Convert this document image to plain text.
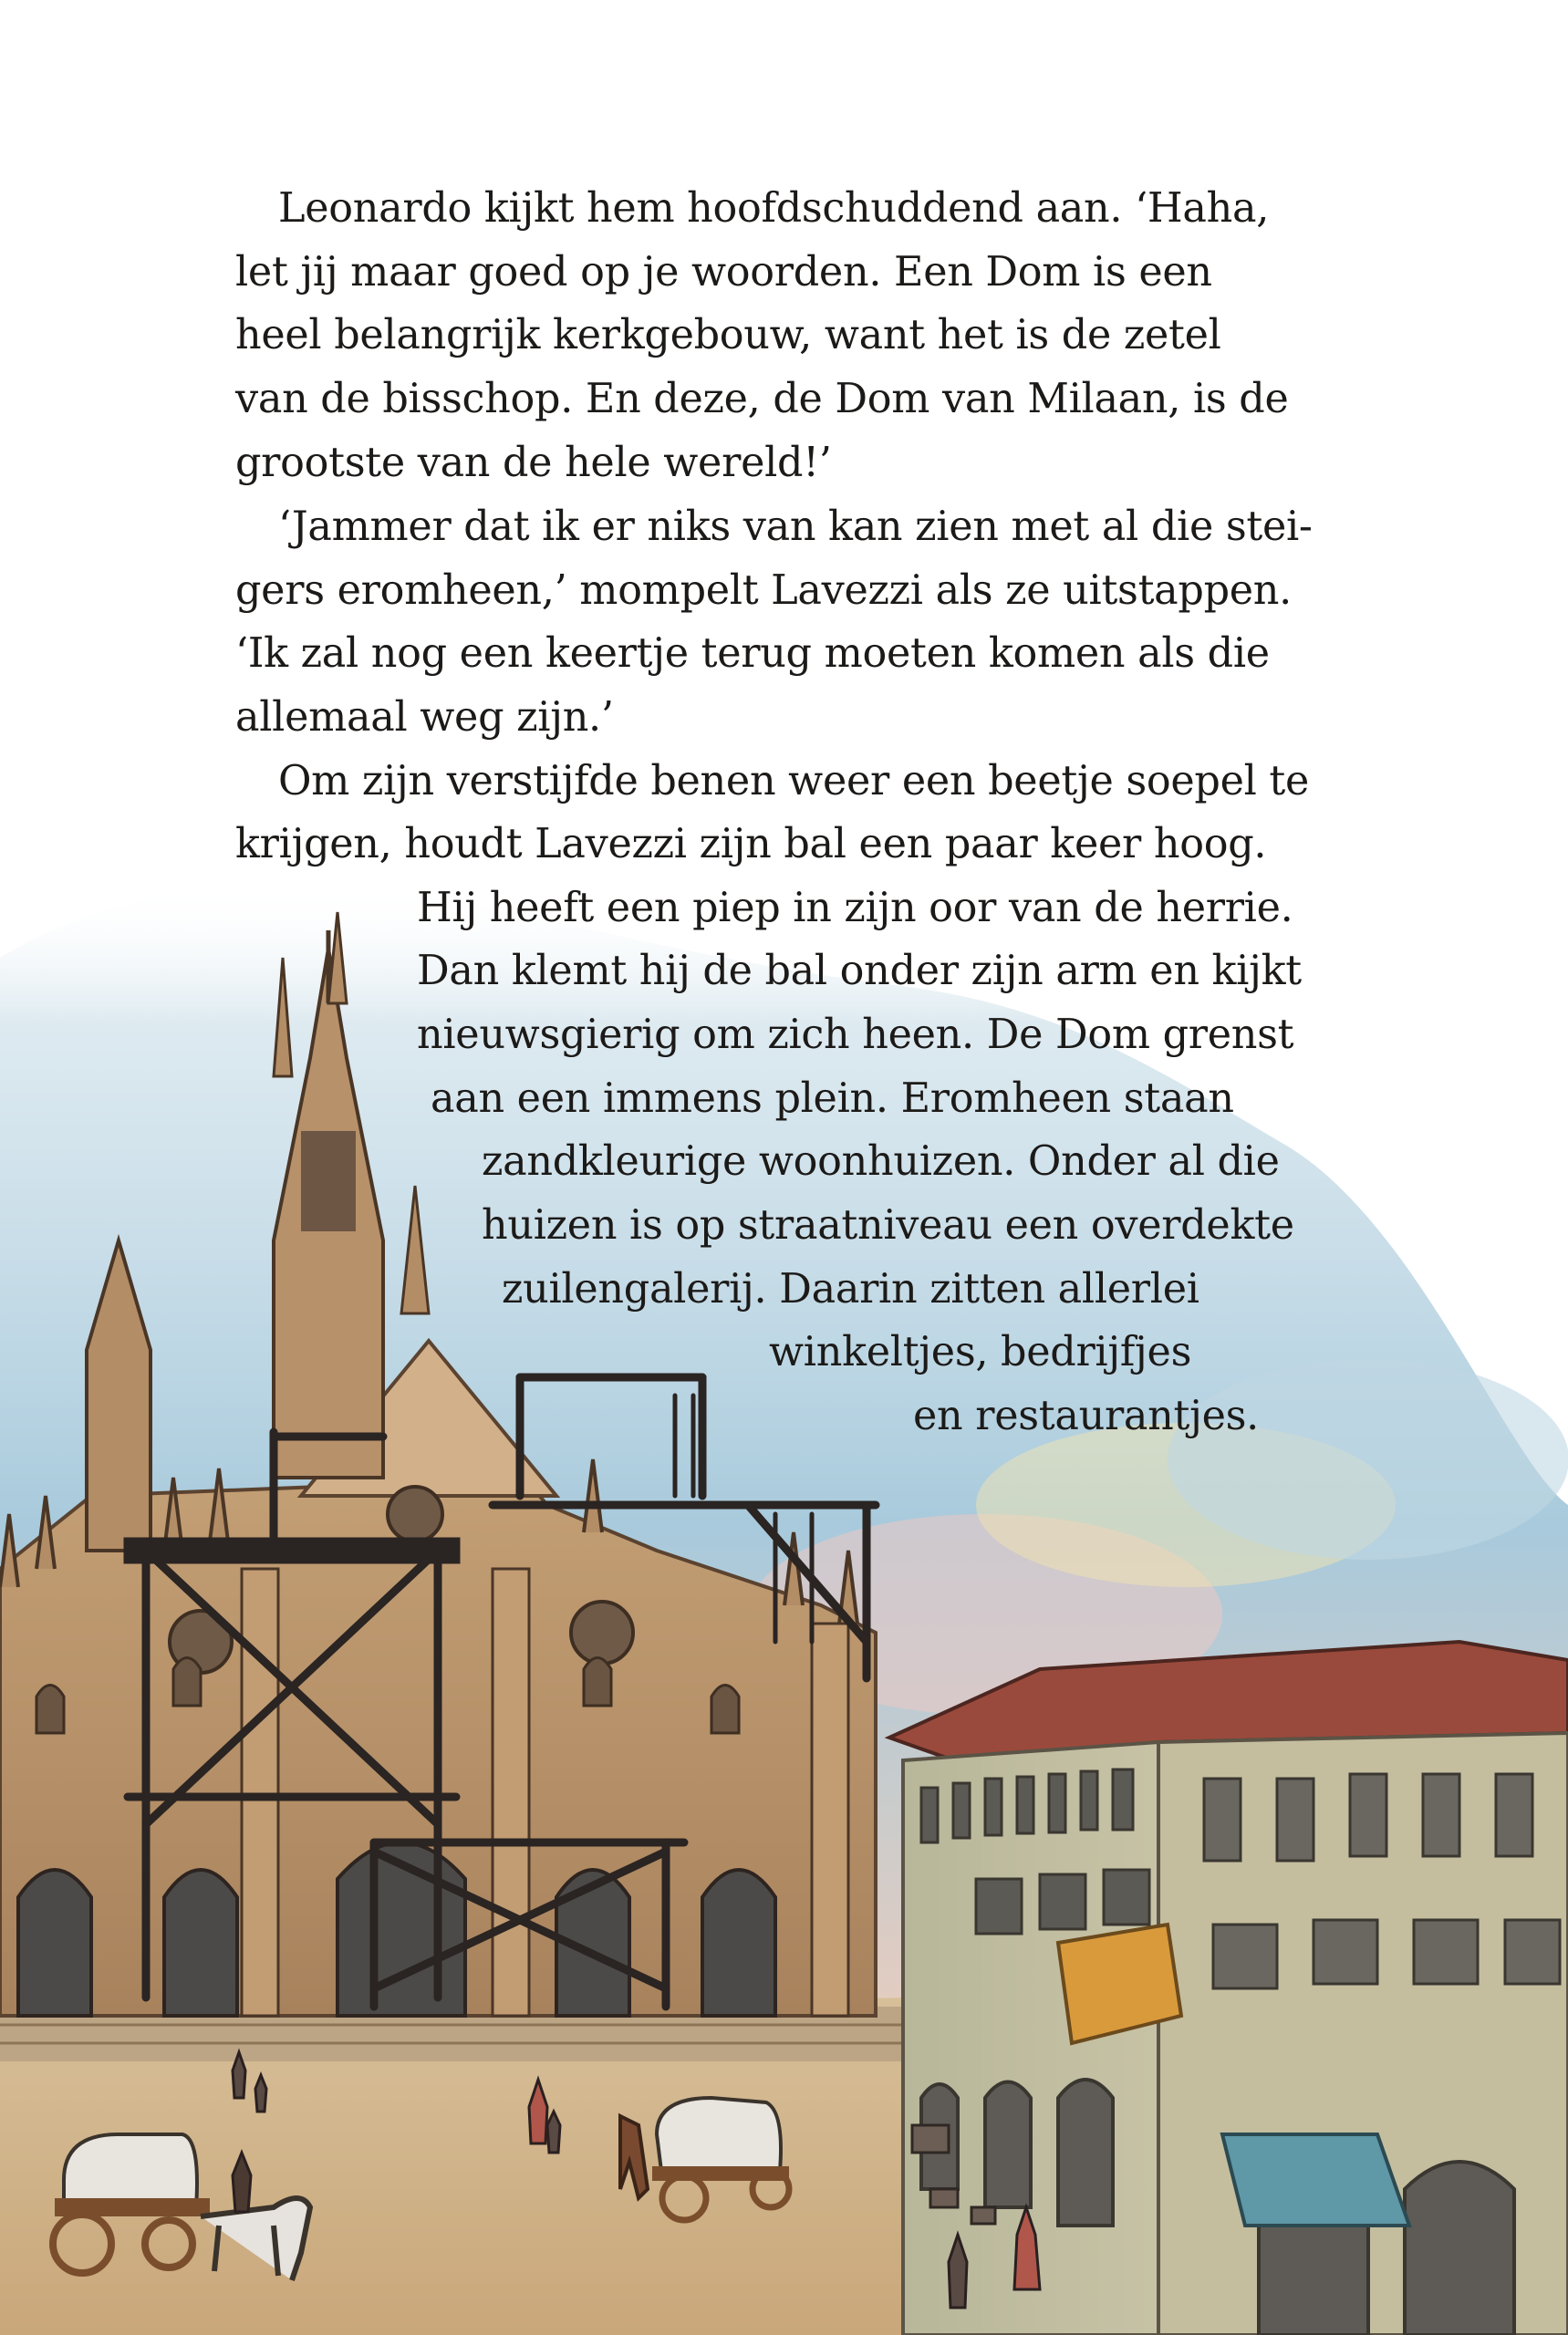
Leonardo kijkt hem hoofdschuddend aan. ‘Haha,
let jij maar goed op je woorden. Een Dom is een
heel belangrijk kerkgebouw, want het is de zetel
van de bisschop. En deze, de Dom van Milaan, is de
grootste van de hele wereld!’
‘Jammer dat ik er niks van kan zien met al die stei-
gers eromheen,’ mompelt Lavezzi als ze uitstappen.
‘Ik zal nog een keertje terug moeten komen als die
allemaal weg zijn.’
Om zijn verstijfde benen weer een beetje soepel te
krijgen, houdt Lavezzi zijn bal een paar keer hoog.
Hij heeft een piep in zijn oor van de herrie.
Dan klemt hij de bal onder zijn arm en kijkt
nieuwsgierig om zich heen. De Dom grenst
aan een immens plein. Eromheen staan
zandkleurige woonhuizen. Onder al die
huizen is op straatniveau een overdekte
zuilengalerij. Daarin zitten allerlei
winkeltjes, bedrijfjes
en restaurantjes.
